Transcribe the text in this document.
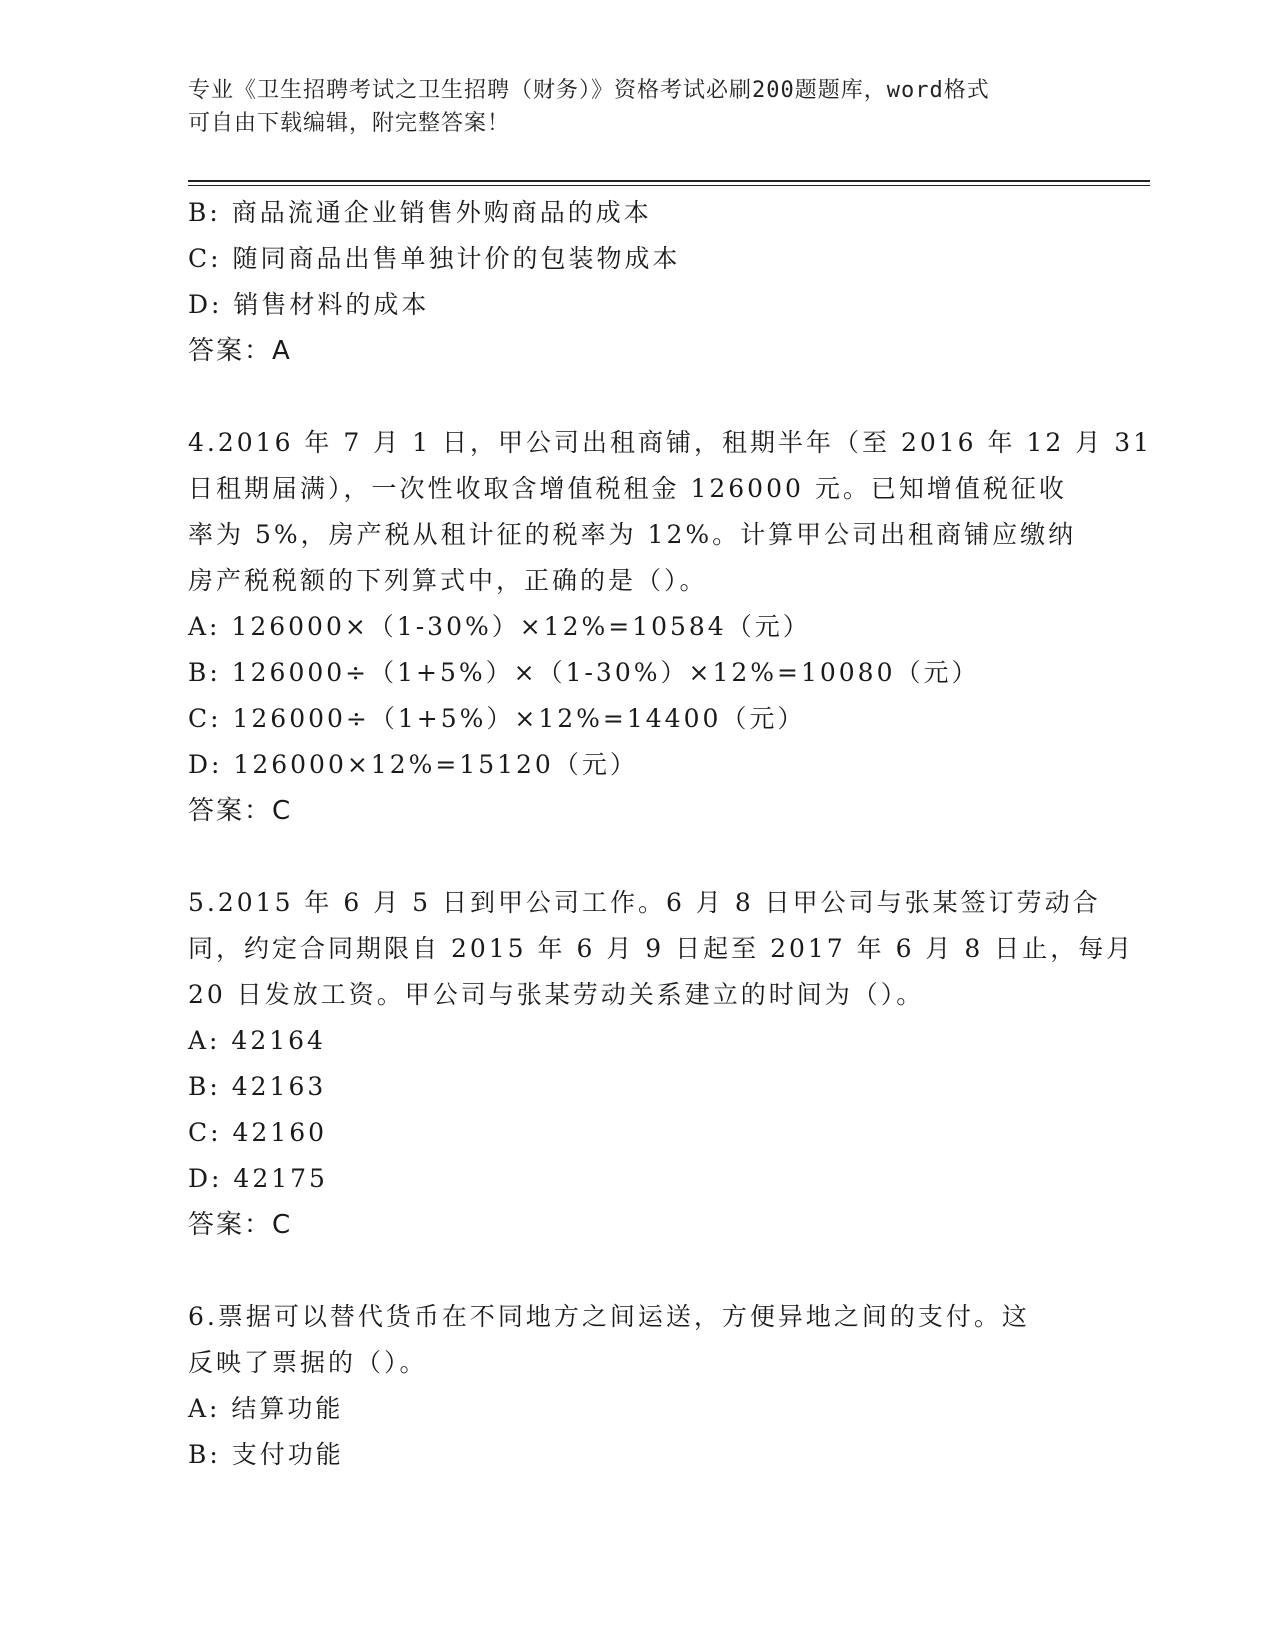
专业《卫生招聘考试之卫生招聘（财务）》资格考试必刷200题题库，word格式
可自由下载编辑，附完整答案！
B: 商品流通企业销售外购商品的成本
C: 随同商品出售单独计价的包装物成本
D: 销售材料的成本
答案：A
4.2016 年 7 月 1 日，甲公司出租商铺，租期半年（至 2016 年 12 月 31
日租期届满），一次性收取含增值税租金 126000 元。已知增值税征收
率为 5%，房产税从租计征的税率为 12%。计算甲公司出租商铺应缴纳
房产税税额的下列算式中，正确的是（）。
A: 126000×（1-30%）×12%=10584（元）
B: 126000÷（1+5%）×（1-30%）×12%=10080（元）
C: 126000÷（1+5%）×12%=14400（元）
D: 126000×12%=15120（元）
答案：C
5.2015 年 6 月 5 日到甲公司工作。6 月 8 日甲公司与张某签订劳动合
同，约定合同期限自 2015 年 6 月 9 日起至 2017 年 6 月 8 日止，每月
20 日发放工资。甲公司与张某劳动关系建立的时间为（）。
A: 42164
B: 42163
C: 42160
D: 42175
答案：C
6.票据可以替代货币在不同地方之间运送，方便异地之间的支付。这
反映了票据的（）。
A: 结算功能
B: 支付功能
